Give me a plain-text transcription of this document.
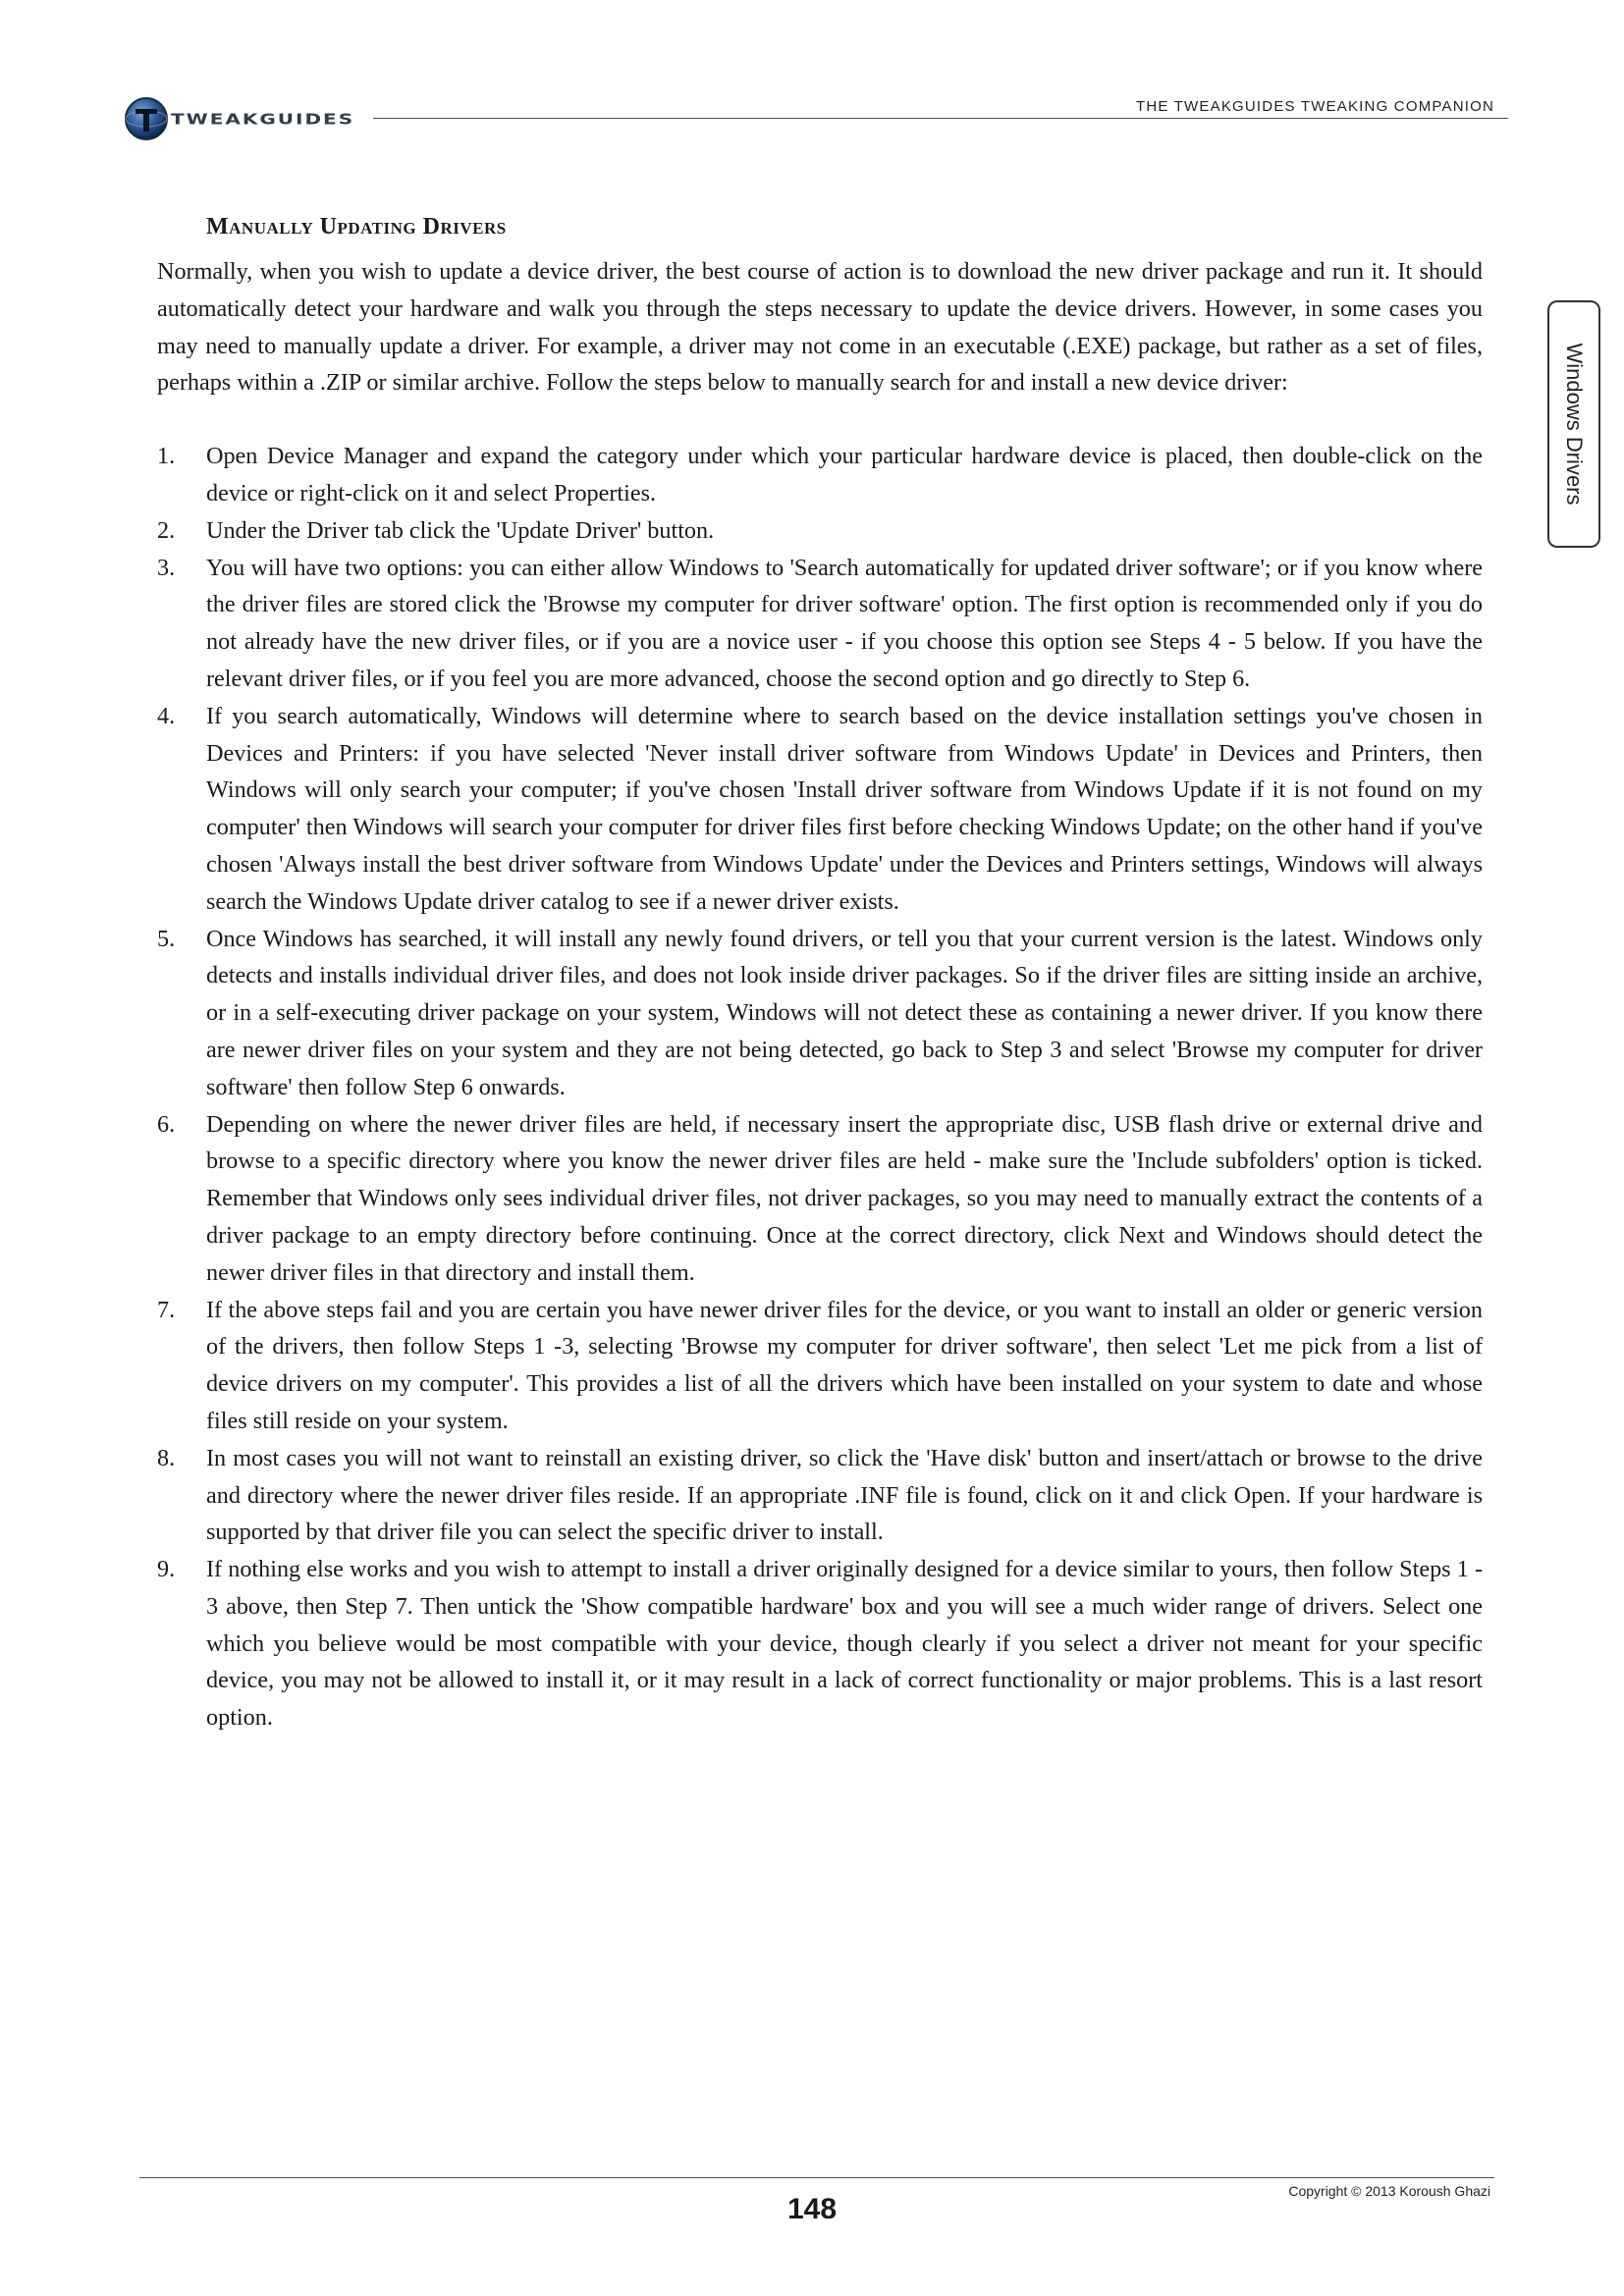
TWEAKGUIDES
THE TWEAKGUIDES TWEAKING COMPANION
Windows Drivers
Manually Updating Drivers

Normally, when you wish to update a device driver, the best course of action is to download the new driver package and run it. It should automatically detect your hardware and walk you through the steps necessary to update the device drivers. However, in some cases you may need to manually update a driver. For example, a driver may not come in an executable (.EXE) package, but rather as a set of files, perhaps within a .ZIP or similar archive. Follow the steps below to manually search for and install a new device driver:

1. Open Device Manager and expand the category under which your particular hardware device is placed, then double-click on the device or right-click on it and select Properties.
2. Under the Driver tab click the 'Update Driver' button.
3. You will have two options: you can either allow Windows to 'Search automatically for updated driver software'; or if you know where the driver files are stored click the 'Browse my computer for driver software' option. The first option is recommended only if you do not already have the new driver files, or if you are a novice user - if you choose this option see Steps 4 - 5 below. If you have the relevant driver files, or if you feel you are more advanced, choose the second option and go directly to Step 6.
4. If you search automatically, Windows will determine where to search based on the device installation settings you've chosen in Devices and Printers: if you have selected 'Never install driver software from Windows Update' in Devices and Printers, then Windows will only search your computer; if you've chosen 'Install driver software from Windows Update if it is not found on my computer' then Windows will search your computer for driver files first before checking Windows Update; on the other hand if you've chosen 'Always install the best driver software from Windows Update' under the Devices and Printers settings, Windows will always search the Windows Update driver catalog to see if a newer driver exists.
5. Once Windows has searched, it will install any newly found drivers, or tell you that your current version is the latest. Windows only detects and installs individual driver files, and does not look inside driver packages. So if the driver files are sitting inside an archive, or in a self-executing driver package on your system, Windows will not detect these as containing a newer driver. If you know there are newer driver files on your system and they are not being detected, go back to Step 3 and select 'Browse my computer for driver software' then follow Step 6 onwards.
6. Depending on where the newer driver files are held, if necessary insert the appropriate disc, USB flash drive or external drive and browse to a specific directory where you know the newer driver files are held - make sure the 'Include subfolders' option is ticked. Remember that Windows only sees individual driver files, not driver packages, so you may need to manually extract the contents of a driver package to an empty directory before continuing. Once at the correct directory, click Next and Windows should detect the newer driver files in that directory and install them.
7. If the above steps fail and you are certain you have newer driver files for the device, or you want to install an older or generic version of the drivers, then follow Steps 1 -3, selecting 'Browse my computer for driver software', then select 'Let me pick from a list of device drivers on my computer'. This provides a list of all the drivers which have been installed on your system to date and whose files still reside on your system.
8. In most cases you will not want to reinstall an existing driver, so click the 'Have disk' button and insert/attach or browse to the drive and directory where the newer driver files reside. If an appropriate .INF file is found, click on it and click Open. If your hardware is supported by that driver file you can select the specific driver to install.
9. If nothing else works and you wish to attempt to install a driver originally designed for a device similar to yours, then follow Steps 1 - 3 above, then Step 7. Then untick the 'Show compatible hardware' box and you will see a much wider range of drivers. Select one which you believe would be most compatible with your device, though clearly if you select a driver not meant for your specific device, you may not be allowed to install it, or it may result in a lack of correct functionality or major problems. This is a last resort option.
Copyright © 2013 Koroush Ghazi
148
